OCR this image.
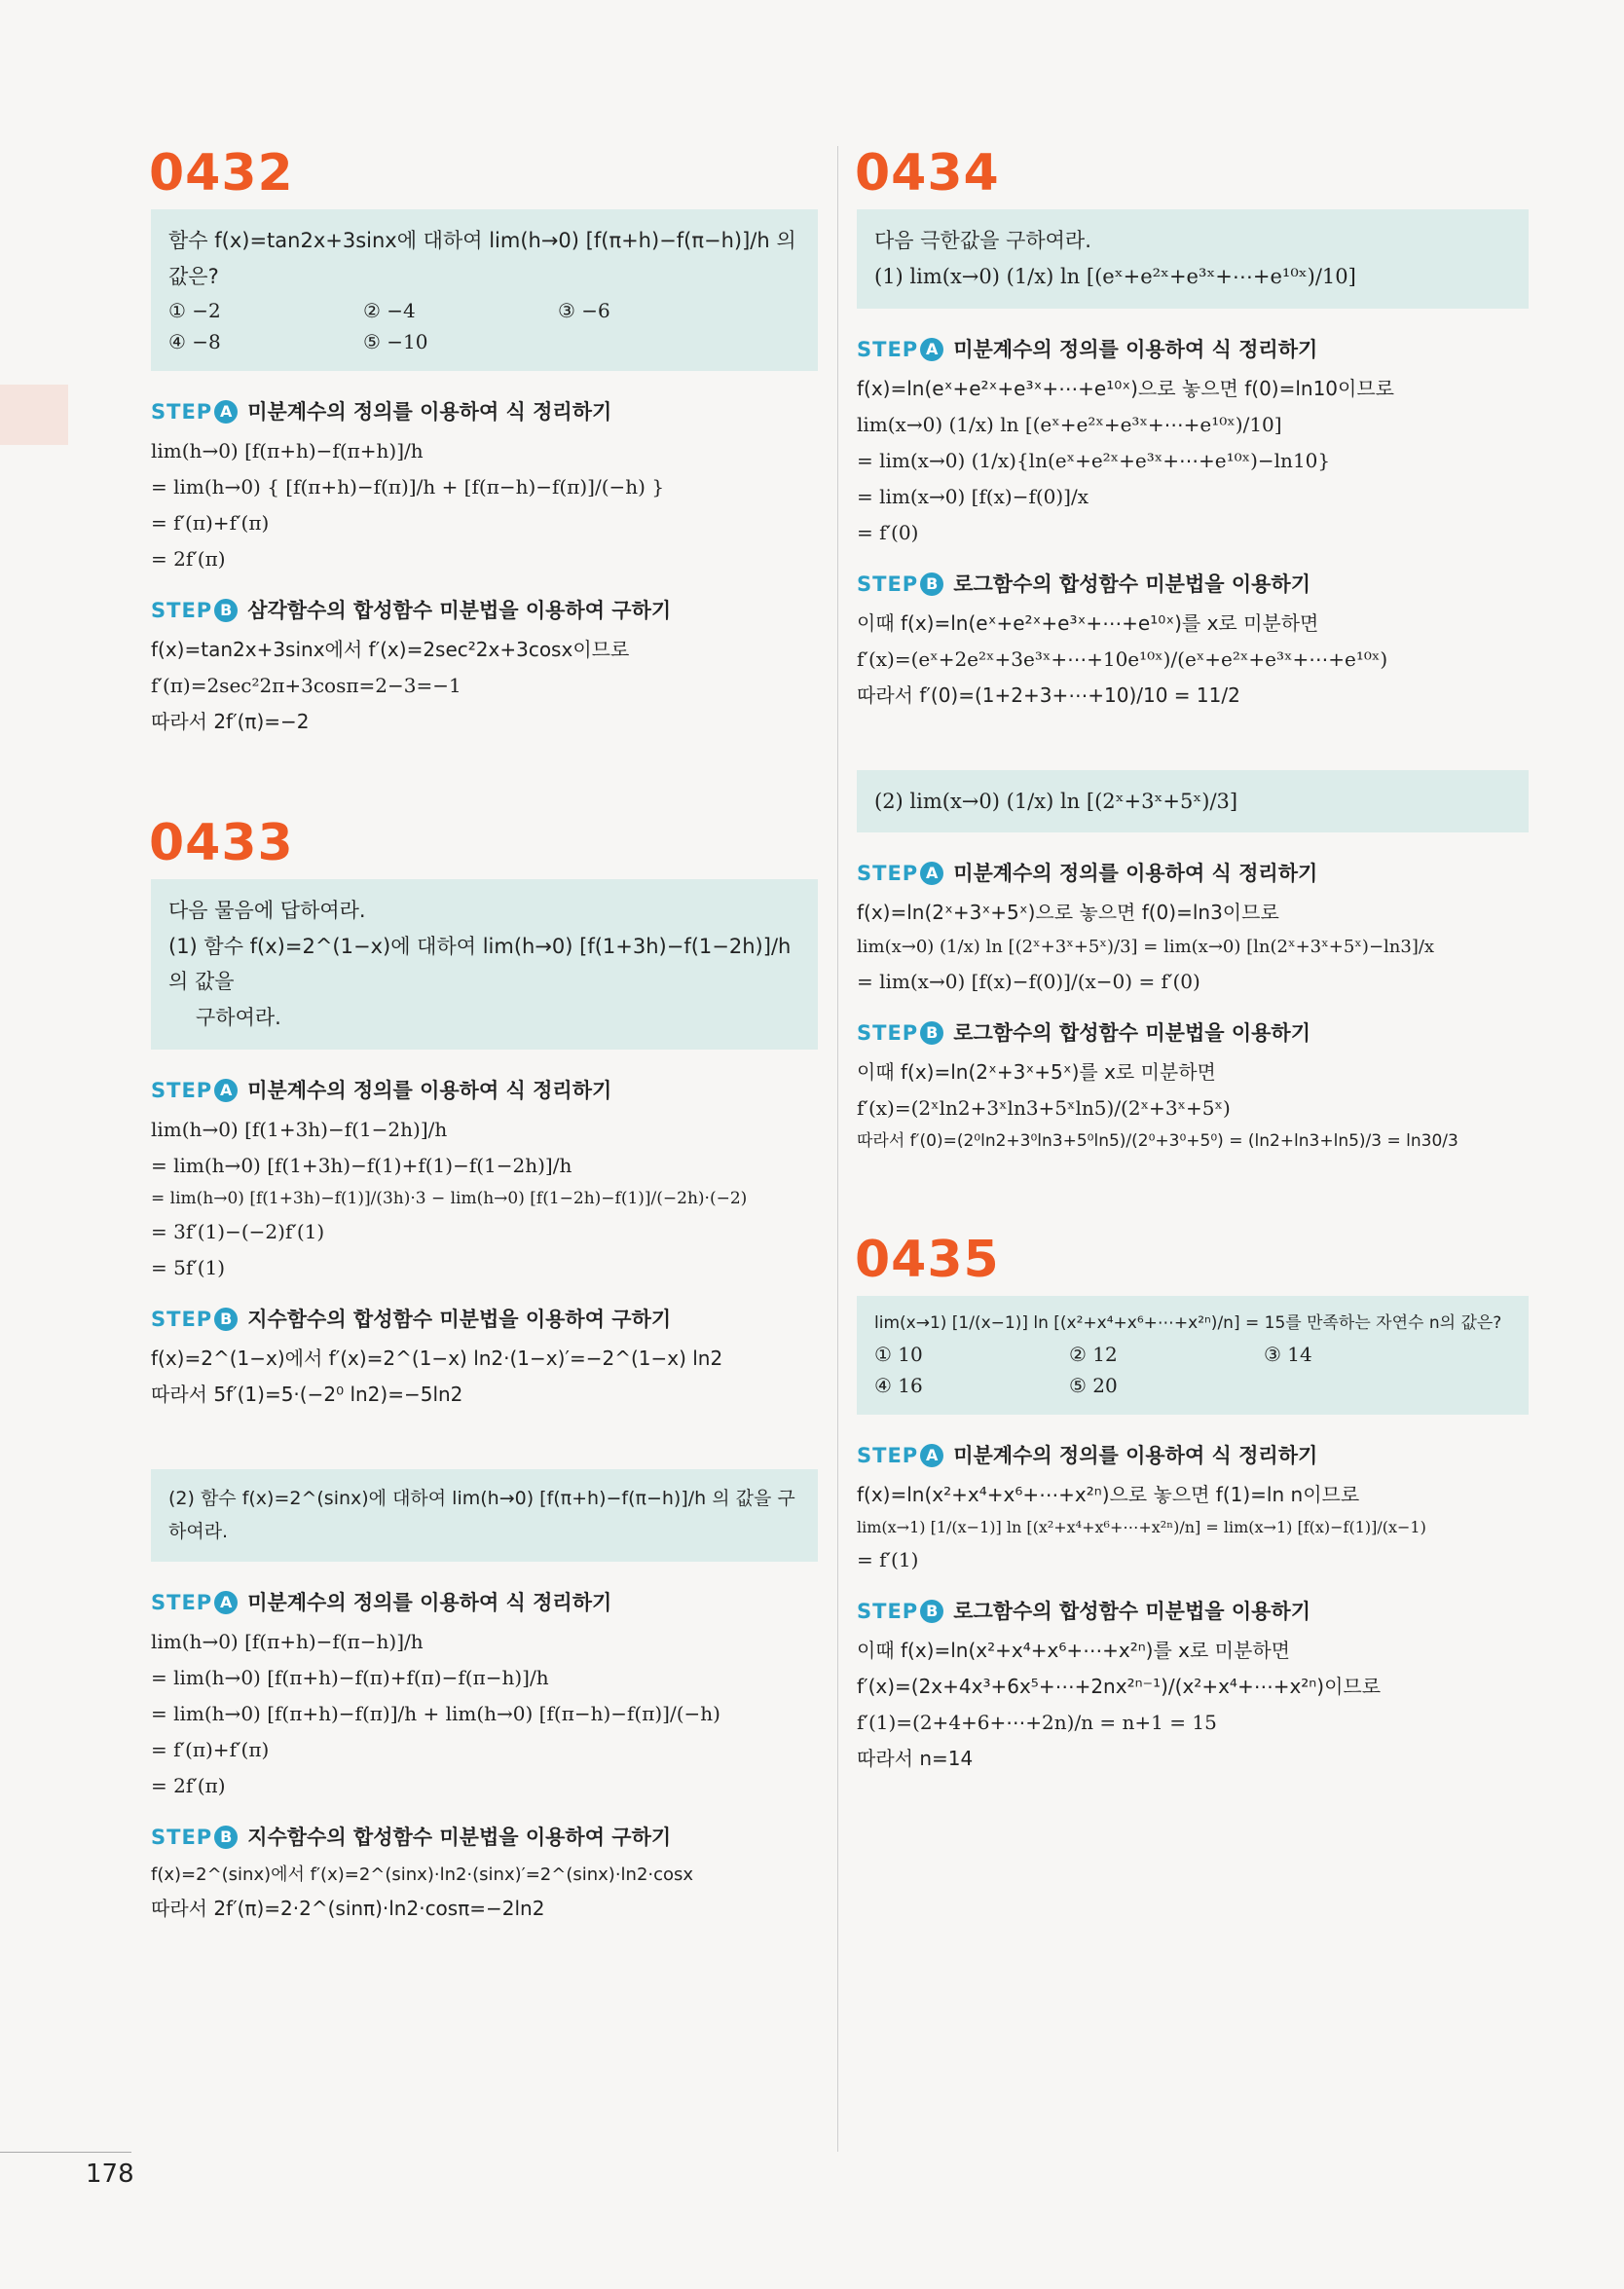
0432
함수 f(x)=tan2x+3sinx에 대하여 lim(h→0) [f(π+h)−f(π−h)]/h 의 값은?
① −2	② −4	③ −6
④ −8	⑤ −10
STEP A 미분계수의 정의를 이용하여 식 정리하기
lim(h→0) [f(π+h)−f(π+h)]/h
= lim(h→0) { [f(π+h)−f(π)]/h + [f(π−h)−f(π)]/(−h) }
= f′(π)+f′(π)
= 2f′(π)
STEP B 삼각함수의 합성함수 미분법을 이용하여 구하기
f(x)=tan2x+3sinx에서 f′(x)=2sec²2x+3cosx이므로
f′(π)=2sec²2π+3cosπ=2−3=−1
따라서 2f′(π)=−2
0433
다음 물음에 답하여라.
(1) 함수 f(x)=2^(1−x)에 대하여 lim(h→0) [f(1+3h)−f(1−2h)]/h 의 값을
구하여라.
STEP A 미분계수의 정의를 이용하여 식 정리하기
lim(h→0) [f(1+3h)−f(1−2h)]/h
= lim(h→0) [f(1+3h)−f(1)+f(1)−f(1−2h)]/h
= lim(h→0) [f(1+3h)−f(1)]/(3h)·3 − lim(h→0) [f(1−2h)−f(1)]/(−2h)·(−2)
= 3f′(1)−(−2)f′(1)
= 5f′(1)
STEP B 지수함수의 합성함수 미분법을 이용하여 구하기
f(x)=2^(1−x)에서 f′(x)=2^(1−x) ln2·(1−x)′=−2^(1−x) ln2
따라서 5f′(1)=5·(−2⁰ ln2)=−5ln2
(2) 함수 f(x)=2^(sinx)에 대하여 lim(h→0) [f(π+h)−f(π−h)]/h 의 값을 구하여라.
STEP A 미분계수의 정의를 이용하여 식 정리하기
lim(h→0) [f(π+h)−f(π−h)]/h
= lim(h→0) [f(π+h)−f(π)+f(π)−f(π−h)]/h
= lim(h→0) [f(π+h)−f(π)]/h + lim(h→0) [f(π−h)−f(π)]/(−h)
= f′(π)+f′(π)
= 2f′(π)
STEP B 지수함수의 합성함수 미분법을 이용하여 구하기
f(x)=2^(sinx)에서 f′(x)=2^(sinx)·ln2·(sinx)′=2^(sinx)·ln2·cosx
따라서 2f′(π)=2·2^(sinπ)·ln2·cosπ=−2ln2
0434
다음 극한값을 구하여라.
(1) lim(x→0) (1/x) ln [(eˣ+e²ˣ+e³ˣ+⋯+e¹⁰ˣ)/10]
STEP A 미분계수의 정의를 이용하여 식 정리하기
f(x)=ln(eˣ+e²ˣ+e³ˣ+⋯+e¹⁰ˣ)으로 놓으면 f(0)=ln10이므로
lim(x→0) (1/x) ln [(eˣ+e²ˣ+e³ˣ+⋯+e¹⁰ˣ)/10]
= lim(x→0) (1/x){ln(eˣ+e²ˣ+e³ˣ+⋯+e¹⁰ˣ)−ln10}
= lim(x→0) [f(x)−f(0)]/x
= f′(0)
STEP B 로그함수의 합성함수 미분법을 이용하기
이때 f(x)=ln(eˣ+e²ˣ+e³ˣ+⋯+e¹⁰ˣ)를 x로 미분하면
f′(x)=(eˣ+2e²ˣ+3e³ˣ+⋯+10e¹⁰ˣ)/(eˣ+e²ˣ+e³ˣ+⋯+e¹⁰ˣ)
따라서 f′(0)=(1+2+3+⋯+10)/10 = 11/2
(2) lim(x→0) (1/x) ln [(2ˣ+3ˣ+5ˣ)/3]
STEP A 미분계수의 정의를 이용하여 식 정리하기
f(x)=ln(2ˣ+3ˣ+5ˣ)으로 놓으면 f(0)=ln3이므로
lim(x→0) (1/x) ln [(2ˣ+3ˣ+5ˣ)/3] = lim(x→0) [ln(2ˣ+3ˣ+5ˣ)−ln3]/x
= lim(x→0) [f(x)−f(0)]/(x−0) = f′(0)
STEP B 로그함수의 합성함수 미분법을 이용하기
이때 f(x)=ln(2ˣ+3ˣ+5ˣ)를 x로 미분하면
f′(x)=(2ˣln2+3ˣln3+5ˣln5)/(2ˣ+3ˣ+5ˣ)
따라서 f′(0)=(2⁰ln2+3⁰ln3+5⁰ln5)/(2⁰+3⁰+5⁰) = (ln2+ln3+ln5)/3 = ln30/3
0435
lim(x→1) [1/(x−1)] ln [(x²+x⁴+x⁶+⋯+x²ⁿ)/n] = 15를 만족하는 자연수 n의 값은?
① 10	② 12	③ 14
④ 16	⑤ 20
STEP A 미분계수의 정의를 이용하여 식 정리하기
f(x)=ln(x²+x⁴+x⁶+⋯+x²ⁿ)으로 놓으면 f(1)=ln n이므로
lim(x→1) [1/(x−1)] ln [(x²+x⁴+x⁶+⋯+x²ⁿ)/n] = lim(x→1) [f(x)−f(1)]/(x−1)
= f′(1)
STEP B 로그함수의 합성함수 미분법을 이용하기
이때 f(x)=ln(x²+x⁴+x⁶+⋯+x²ⁿ)를 x로 미분하면
f′(x)=(2x+4x³+6x⁵+⋯+2nx²ⁿ⁻¹)/(x²+x⁴+⋯+x²ⁿ)이므로
f′(1)=(2+4+6+⋯+2n)/n = n+1 = 15
따라서 n=14
178
